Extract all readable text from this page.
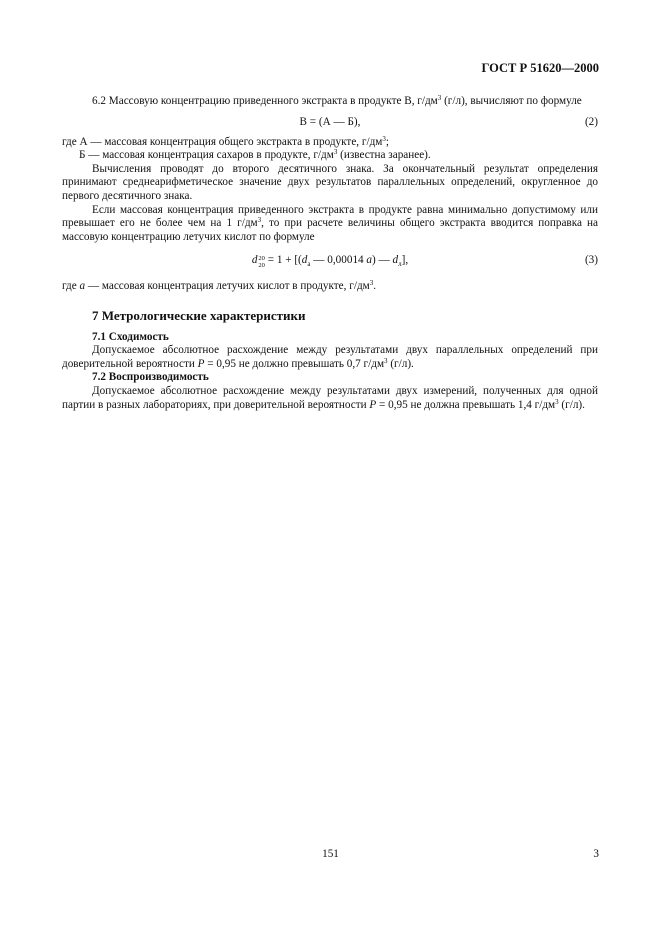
ГОСТ Р 51620—2000

6.2 Массовую концентрацию приведенного экстракта в продукте В, $г/дм^3$ (г/л), вычисляют по формуле

В = (А — Б),	(2)

где А — массовая концентрация общего экстракта в продукте, $г/дм^3$;

Б — массовая концентрация сахаров в продукте, $г/дм^3$ (известна заранее).

Вычисления проводят до второго десятичного знака. За окончательный результат определения принимают среднеарифметическое значение двух результатов параллельных определений, округленное до первого десятичного знака.

Если массовая концентрация приведенного экстракта в продукте равна минимально допустимому или превышает его не более чем на 1 $г/дм^3$, то при расчете величины общего экстракта вводится поправка на массовую концентрацию летучих кислот по формуле

d 20
$20 = 1 + [(d_а$ — 0,00014 a) — $d_л$],	(3)

где a — массовая концентрация летучих кислот в продукте, $г/дм^3$.

7 Метрологические характеристики
7.1 Сходимость

Допускаемое абсолютное расхождение между результатами двух параллельных определений при доверительной вероятности P = 0,95 не должно превышать 0,7 $г/дм^3$ (г/л).

7.2 Воспроизводимость

Допускаемое абсолютное расхождение между результатами двух измерений, полученных для одной партии в разных лабораториях, при доверительной вероятности P = 0,95 не должна превышать 1,4 $г/дм^3$ (г/л).

151	3
